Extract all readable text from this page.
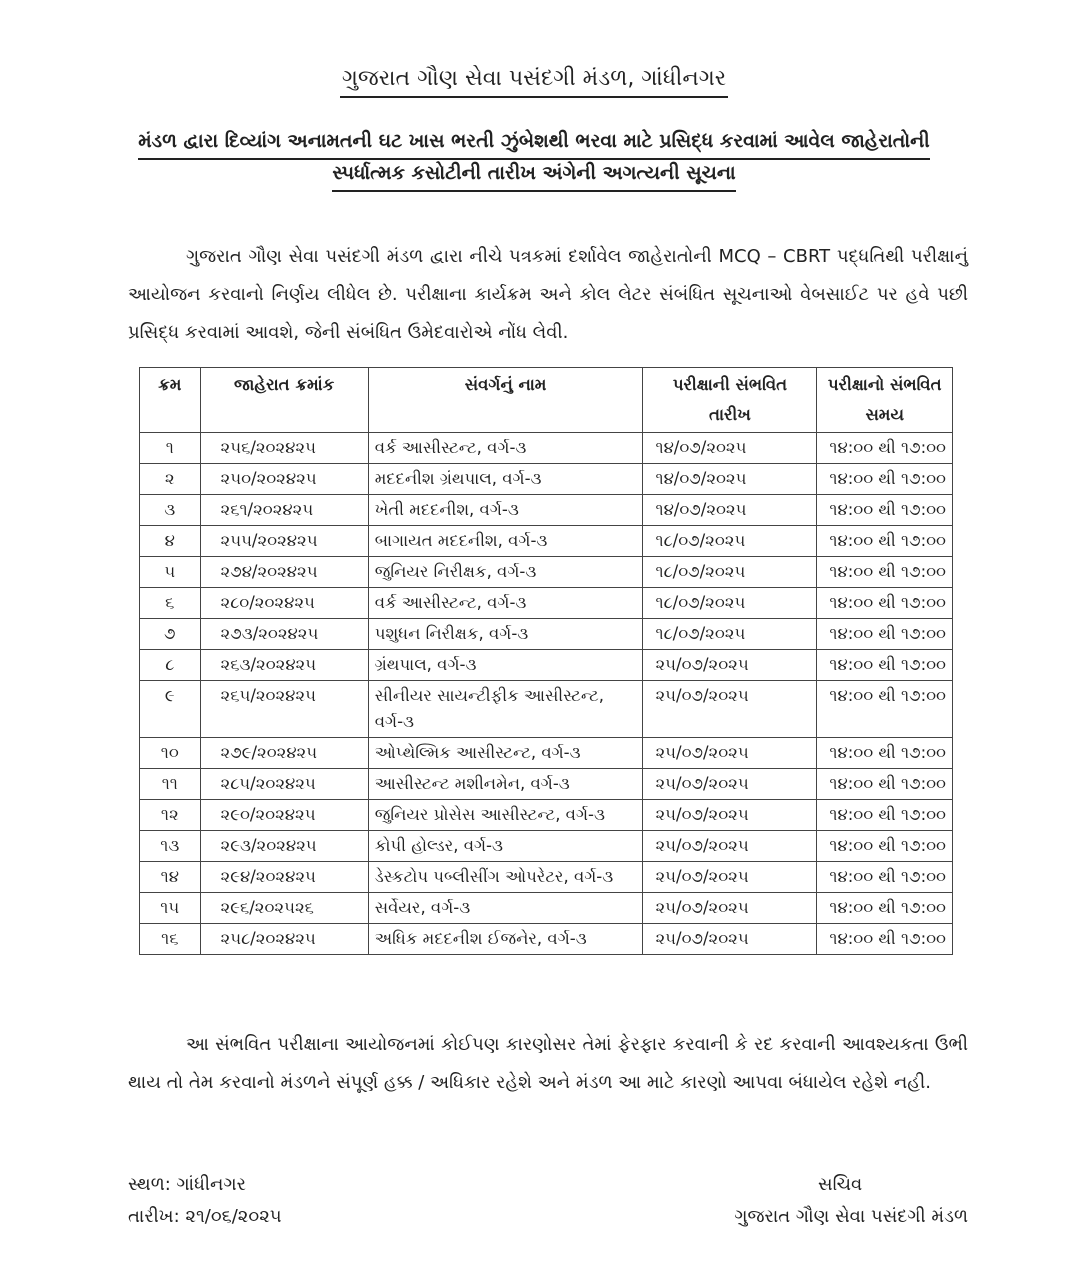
ગુજરાત ગૌણ સેવા પસંદગી મંડળ, ગાંધીનગર
મંડળ દ્વારા દિવ્યાંગ અનામતની ઘટ ખાસ ભરતી ઝુંબેશથી ભરવા માટે પ્રસિદ્ધ કરવામાં આવેલ જાહેરાતોની
સ્પર્ધાત્મક કસોટીની તારીખ અંગેની અગત્યની સૂચના

ગુજરાત ગૌણ સેવા પસંદગી મંડળ દ્વારા નીચે પત્રકમાં દર્શાવેલ જાહેરાતોની MCQ – CBRT પદ્ધતિથી પરીક્ષાનું આયોજન કરવાનો નિર્ણય લીધેલ છે. પરીક્ષાના કાર્યક્રમ અને કોલ લેટર સંબંધિત સૂચનાઓ વેબસાઈટ પર હવે પછી પ્રસિદ્ધ કરવામાં આવશે, જેની સંબંધિત ઉમેદવારોએ નોંધ લેવી.

ક્રમ	જાહેરાત ક્રમાંક	સંવર્ગનું નામ	પરીક્ષાની સંભવિત તારીખ	પરીક્ષાનો સંભવિત સમય
૧	૨૫૬/૨૦૨૪૨૫	વર્ક આસીસ્ટન્ટ, વર્ગ-૩	૧૪/૦૭/૨૦૨૫	૧૪:૦૦ થી ૧૭:૦૦
૨	૨૫૦/૨૦૨૪૨૫	મદદનીશ ગ્રંથપાલ, વર્ગ-૩	૧૪/૦૭/૨૦૨૫	૧૪:૦૦ થી ૧૭:૦૦
૩	૨૬૧/૨૦૨૪૨૫	ખેતી મદદનીશ, વર્ગ-૩	૧૪/૦૭/૨૦૨૫	૧૪:૦૦ થી ૧૭:૦૦
૪	૨૫૫/૨૦૨૪૨૫	બાગાયત મદદનીશ, વર્ગ-૩	૧૮/૦૭/૨૦૨૫	૧૪:૦૦ થી ૧૭:૦૦
૫	૨૭૪/૨૦૨૪૨૫	જુનિયર નિરીક્ષક, વર્ગ-૩	૧૮/૦૭/૨૦૨૫	૧૪:૦૦ થી ૧૭:૦૦
૬	૨૮૦/૨૦૨૪૨૫	વર્ક આસીસ્ટન્ટ, વર્ગ-૩	૧૮/૦૭/૨૦૨૫	૧૪:૦૦ થી ૧૭:૦૦
૭	૨૭૩/૨૦૨૪૨૫	પશુધન નિરીક્ષક, વર્ગ-૩	૧૮/૦૭/૨૦૨૫	૧૪:૦૦ થી ૧૭:૦૦
૮	૨૬૩/૨૦૨૪૨૫	ગ્રંથપાલ, વર્ગ-૩	૨૫/૦૭/૨૦૨૫	૧૪:૦૦ થી ૧૭:૦૦
૯	૨૬૫/૨૦૨૪૨૫	સીનીયર સાયન્ટીફીક આસીસ્ટન્ટ, વર્ગ-૩	૨૫/૦૭/૨૦૨૫	૧૪:૦૦ થી ૧૭:૦૦
૧૦	૨૭૯/૨૦૨૪૨૫	ઓપ્થેલ્મિક આસીસ્ટન્ટ, વર્ગ-૩	૨૫/૦૭/૨૦૨૫	૧૪:૦૦ થી ૧૭:૦૦
૧૧	૨૮૫/૨૦૨૪૨૫	આસીસ્ટન્ટ મશીનમેન, વર્ગ-૩	૨૫/૦૭/૨૦૨૫	૧૪:૦૦ થી ૧૭:૦૦
૧૨	૨૯૦/૨૦૨૪૨૫	જુનિયર પ્રોસેસ આસીસ્ટન્ટ, વર્ગ-૩	૨૫/૦૭/૨૦૨૫	૧૪:૦૦ થી ૧૭:૦૦
૧૩	૨૯૩/૨૦૨૪૨૫	કોપી હોલ્ડર, વર્ગ-૩	૨૫/૦૭/૨૦૨૫	૧૪:૦૦ થી ૧૭:૦૦
૧૪	૨૯૪/૨૦૨૪૨૫	ડેસ્કટોપ પબ્લીસીંગ ઓપરેટર, વર્ગ-૩	૨૫/૦૭/૨૦૨૫	૧૪:૦૦ થી ૧૭:૦૦
૧૫	૨૯૬/૨૦૨૫૨૬	સર્વેયર, વર્ગ-૩	૨૫/૦૭/૨૦૨૫	૧૪:૦૦ થી ૧૭:૦૦
૧૬	૨૫૮/૨૦૨૪૨૫	અધિક મદદનીશ ઈજનેર, વર્ગ-૩	૨૫/૦૭/૨૦૨૫	૧૪:૦૦ થી ૧૭:૦૦

આ સંભવિત પરીક્ષાના આયોજનમાં કોઈપણ કારણોસર તેમાં ફેરફાર કરવાની કે રદ કરવાની આવશ્યકતા ઉભી થાય તો તેમ કરવાનો મંડળને સંપૂર્ણ હક્ક / અધિકાર રહેશે અને મંડળ આ માટે કારણો આપવા બંધાયેલ રહેશે નહી.

સ્થળ: ગાંધીનગર
તારીખ: ૨૧/૦૬/૨૦૨૫
સચિવ
ગુજરાત ગૌણ સેવા પસંદગી મંડળ
